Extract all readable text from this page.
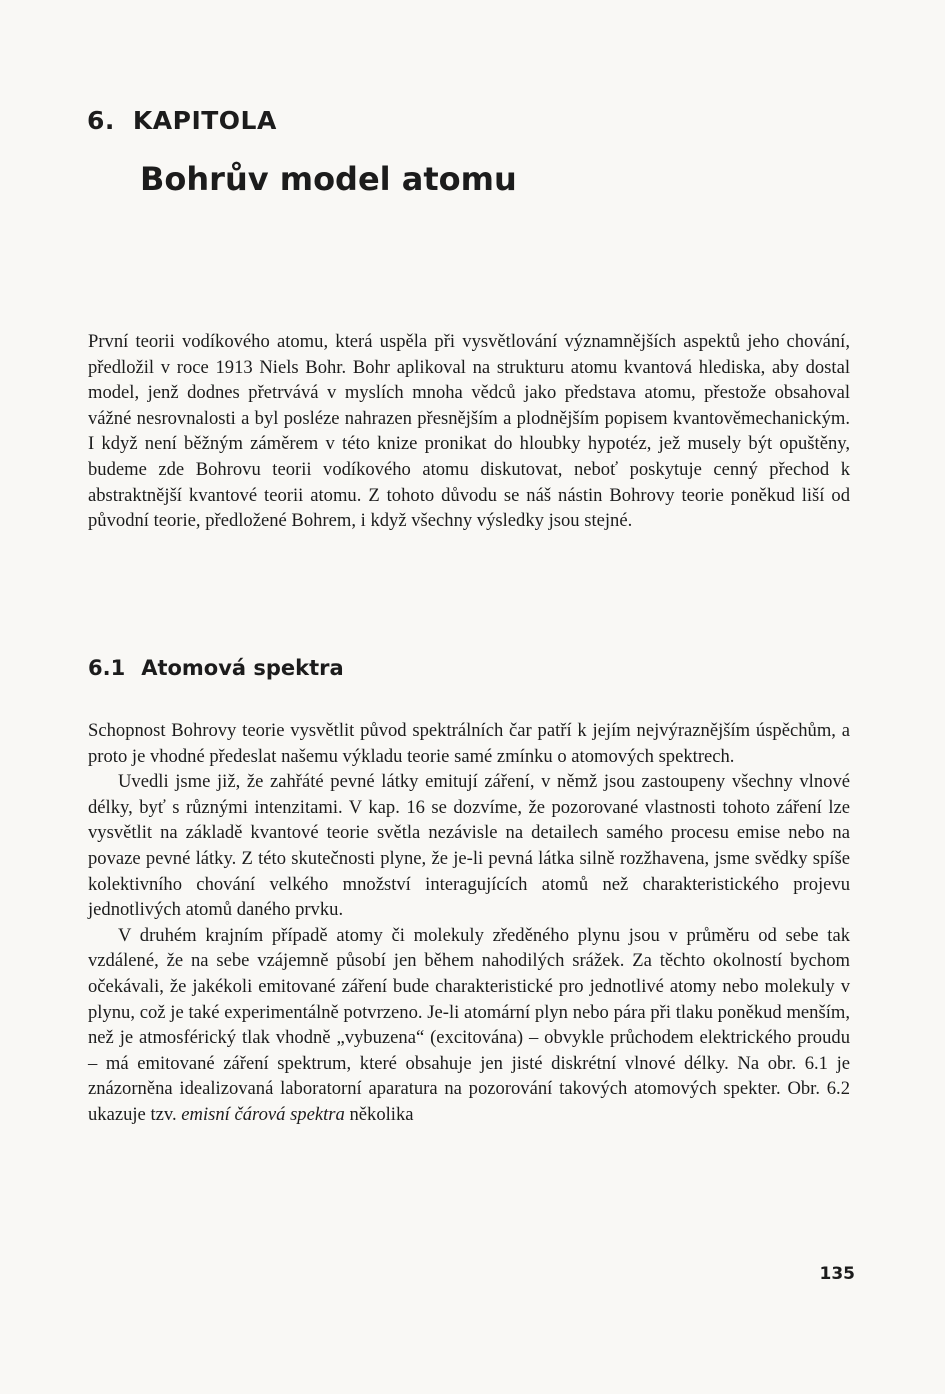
6. KAPITOLA
Bohrův model atomu

První teorii vodíkového atomu, která uspěla při vysvětlování významnějších aspektů jeho chování, předložil v roce 1913 Niels Bohr. Bohr aplikoval na strukturu atomu kvantová hlediska, aby dostal model, jenž dodnes přetrvává v myslích mnoha vědců jako představa atomu, přestože obsahoval vážné nesrovnalosti a byl posléze nahrazen přesnějším a plodnějším popisem kvantověmechanickým. I když není běžným záměrem v této knize pronikat do hloubky hypotéz, jež musely být opuštěny, budeme zde Bohrovu teorii vodíkového atomu diskutovat, neboť poskytuje cenný přechod k abstraktnější kvantové teorii atomu. Z tohoto důvodu se náš nástin Bohrovy teorie poněkud liší od původní teorie, předložené Bohrem, i když všechny výsledky jsou stejné.

6.1 Atomová spektra

Schopnost Bohrovy teorie vysvětlit původ spektrálních čar patří k jejím nejvýraznějším úspěchům, a proto je vhodné předeslat našemu výkladu teorie samé zmínku o atomových spektrech.

Uvedli jsme již, že zahřáté pevné látky emitují záření, v němž jsou zastoupeny všechny vlnové délky, byť s různými intenzitami. V kap. 16 se dozvíme, že pozorované vlastnosti tohoto záření lze vysvětlit na základě kvantové teorie světla nezávisle na detailech samého procesu emise nebo na povaze pevné látky. Z této skutečnosti plyne, že je-li pevná látka silně rozžhavena, jsme svědky spíše kolektivního chování velkého množství interagujících atomů než charakteristického projevu jednotlivých atomů daného prvku.

V druhém krajním případě atomy či molekuly zředěného plynu jsou v průměru od sebe tak vzdálené, že na sebe vzájemně působí jen během nahodilých srážek. Za těchto okolností bychom očekávali, že jakékoli emitované záření bude charakteristické pro jednotlivé atomy nebo molekuly v plynu, což je také experimentálně potvrzeno. Je-li atomární plyn nebo pára při tlaku poněkud menším, než je atmosférický tlak vhodně „vybuzena“ (excitována) – obvykle průchodem elektrického proudu – má emitované záření spektrum, které obsahuje jen jisté diskrétní vlnové délky. Na obr. 6.1 je znázorněna idealizovaná laboratorní aparatura na pozorování takových atomových spekter. Obr. 6.2 ukazuje tzv. emisní čárová spektra několika

135
